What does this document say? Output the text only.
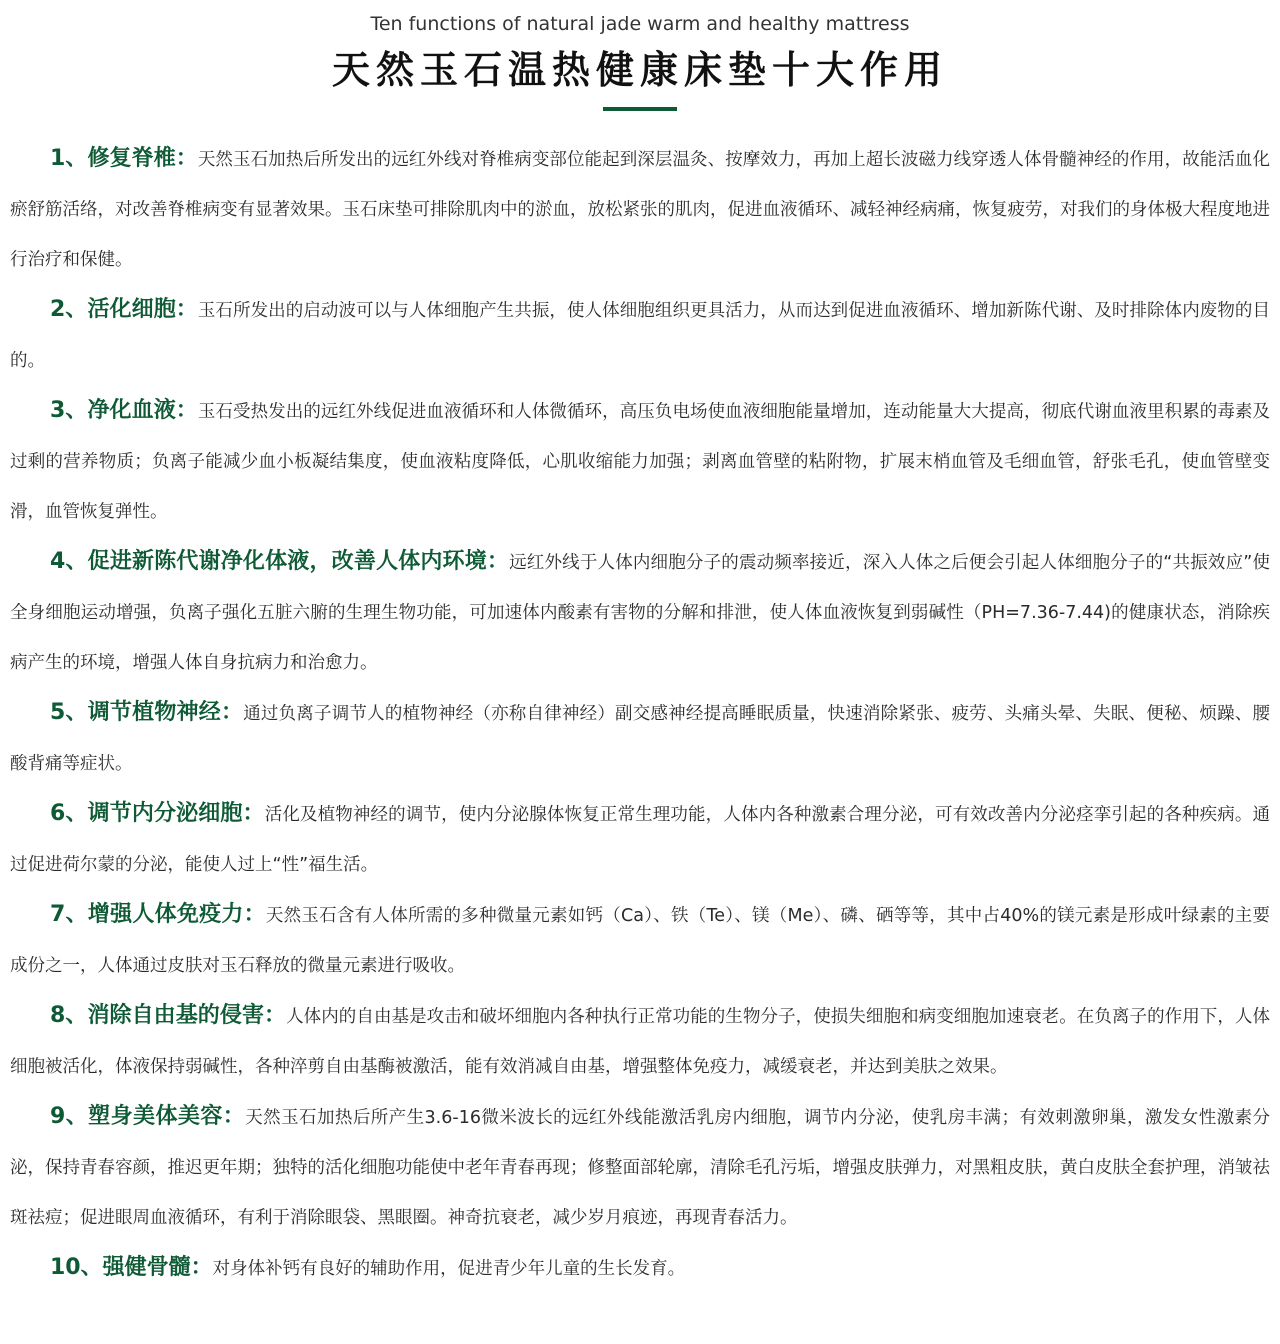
Ten functions of natural jade warm and healthy mattress
天然玉石温热健康床垫十大作用

1、修复脊椎：天然玉石加热后所发出的远红外线对脊椎病变部位能起到深层温灸、按摩效力，再加上超长波磁力线穿透人体骨髓神经的作用，故能活血化瘀舒筋活络，对改善脊椎病变有显著效果。玉石床垫可排除肌肉中的淤血，放松紧张的肌肉，促进血液循环、减轻神经病痛，恢复疲劳，对我们的身体极大程度地进行治疗和保健。

2、活化细胞：玉石所发出的启动波可以与人体细胞产生共振，使人体细胞组织更具活力，从而达到促进血液循环、增加新陈代谢、及时排除体内废物的目的。

3、净化血液：玉石受热发出的远红外线促进血液循环和人体微循环，高压负电场使血液细胞能量增加，连动能量大大提高，彻底代谢血液里积累的毒素及过剩的营养物质；负离子能减少血小板凝结集度，使血液粘度降低，心肌收缩能力加强；剥离血管壁的粘附物，扩展末梢血管及毛细血管，舒张毛孔，使血管壁变滑，血管恢复弹性。

4、促进新陈代谢净化体液，改善人体内环境：远红外线于人体内细胞分子的震动频率接近，深入人体之后便会引起人体细胞分子的“共振效应”使全身细胞运动增强，负离子强化五脏六腑的生理生物功能，可加速体内酸素有害物的分解和排泄，使人体血液恢复到弱碱性（PH=7.36-7.44)的健康状态，消除疾病产生的环境，增强人体自身抗病力和治愈力。

5、调节植物神经：通过负离子调节人的植物神经（亦称自律神经）副交感神经提高睡眠质量，快速消除紧张、疲劳、头痛头晕、失眠、便秘、烦躁、腰酸背痛等症状。

6、调节内分泌细胞：活化及植物神经的调节，使内分泌腺体恢复正常生理功能，人体内各种激素合理分泌，可有效改善内分泌痉挛引起的各种疾病。通过促进荷尔蒙的分泌，能使人过上“性”福生活。

7、增强人体免疫力：天然玉石含有人体所需的多种微量元素如钙（Ca）、铁（Te）、镁（Me）、磷、硒等等，其中占40%的镁元素是形成叶绿素的主要成份之一，人体通过皮肤对玉石释放的微量元素进行吸收。

8、消除自由基的侵害：人体内的自由基是攻击和破坏细胞内各种执行正常功能的生物分子，使损失细胞和病变细胞加速衰老。在负离子的作用下，人体细胞被活化，体液保持弱碱性，各种淬剪自由基酶被激活，能有效消减自由基，增强整体免疫力，减缓衰老，并达到美肤之效果。

9、塑身美体美容：天然玉石加热后所产生3.6-16微米波长的远红外线能激活乳房内细胞，调节内分泌，使乳房丰满；有效刺激卵巢，激发女性激素分泌，保持青春容颜，推迟更年期；独特的活化细胞功能使中老年青春再现；修整面部轮廓，清除毛孔污垢，增强皮肤弹力，对黑粗皮肤，黄白皮肤全套护理，消皱祛斑祛痘；促进眼周血液循环，有利于消除眼袋、黑眼圈。神奇抗衰老，减少岁月痕迹，再现青春活力。

10、强健骨髓：对身体补钙有良好的辅助作用，促进青少年儿童的生长发育。
